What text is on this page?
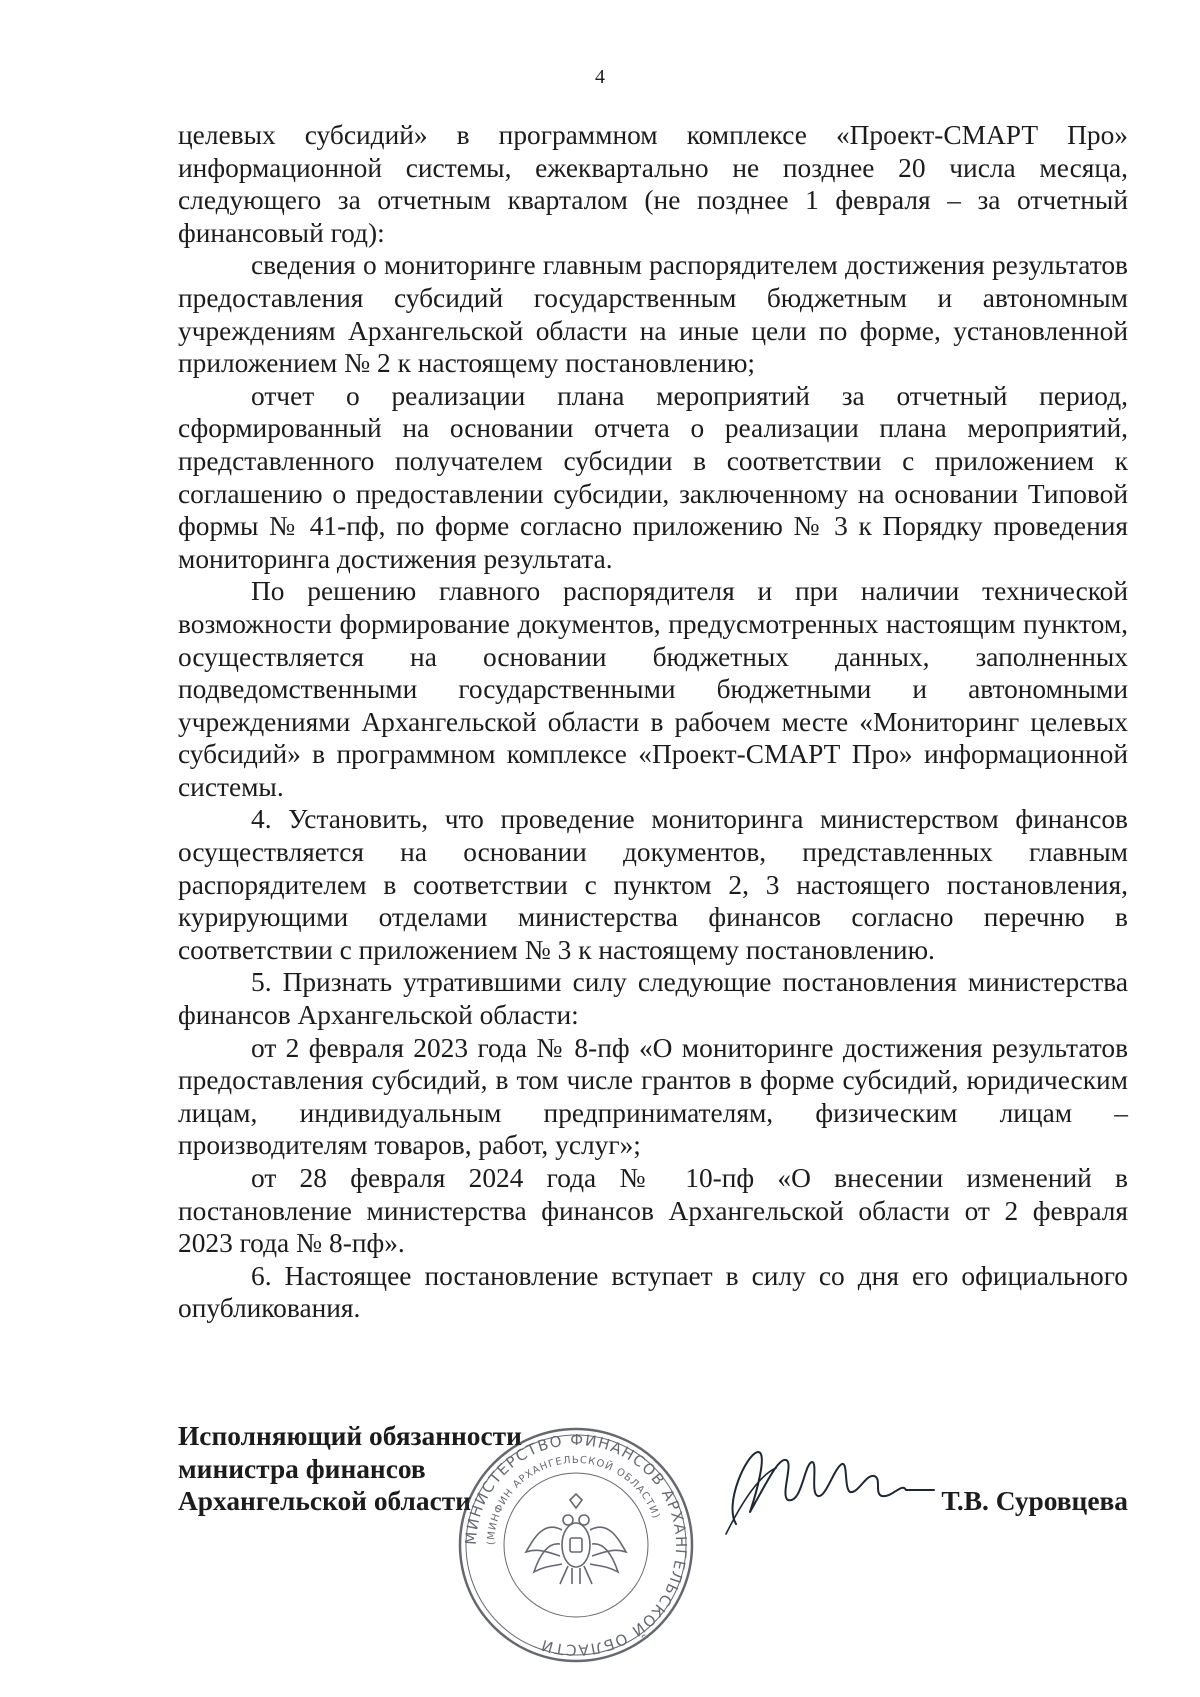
4

целевых субсидий» в программном комплексе «Проект-СМАРТ Про» информационной системы, ежеквартально не позднее 20 числа месяца, следующего за отчетным кварталом (не позднее 1 февраля – за отчетный финансовый год):

сведения о мониторинге главным распорядителем достижения результатов предоставления субсидий государственным бюджетным и автономным учреждениям Архангельской области на иные цели по форме, установленной приложением № 2 к настоящему постановлению;

отчет о реализации плана мероприятий за отчетный период, сформированный на основании отчета о реализации плана мероприятий, представленного получателем субсидии в соответствии с приложением к соглашению о предоставлении субсидии, заключенному на основании Типовой формы № 41-пф, по форме согласно приложению № 3 к Порядку проведения мониторинга достижения результата.

По решению главного распорядителя и при наличии технической возможности формирование документов, предусмотренных настоящим пунктом, осуществляется на основании бюджетных данных, заполненных подведомственными государственными бюджетными и автономными учреждениями Архангельской области в рабочем месте «Мониторинг целевых субсидий» в программном комплексе «Проект-СМАРТ Про» информационной системы.

4. Установить, что проведение мониторинга министерством финансов осуществляется на основании документов, представленных главным распорядителем в соответствии с пунктом 2, 3 настоящего постановления, курирующими отделами министерства финансов согласно перечню в соответствии с приложением № 3 к настоящему постановлению.

5. Признать утратившими силу следующие постановления министерства финансов Архангельской области:

от 2 февраля 2023 года № 8-пф «О мониторинге достижения результатов предоставления субсидий, в том числе грантов в форме субсидий, юридическим лицам, индивидуальным предпринимателям, физическим лицам – производителям товаров, работ, услуг»;

от 28 февраля 2024 года № 10-пф «О внесении изменений в постановление министерства финансов Архангельской области от 2 февраля 2023 года № 8-пф».

6. Настоящее постановление вступает в силу со дня его официального опубликования.

Исполняющий обязанности
министра финансов
Архангельской области

МИНИСТЕРСТВО ФИНАНСОВ АРХАНГЕЛЬСКОЙ ОБЛАСТИ
(МИНФИН АРХАНГЕЛЬСКОЙ ОБЛАСТИ)
Т.В. Суровцева
